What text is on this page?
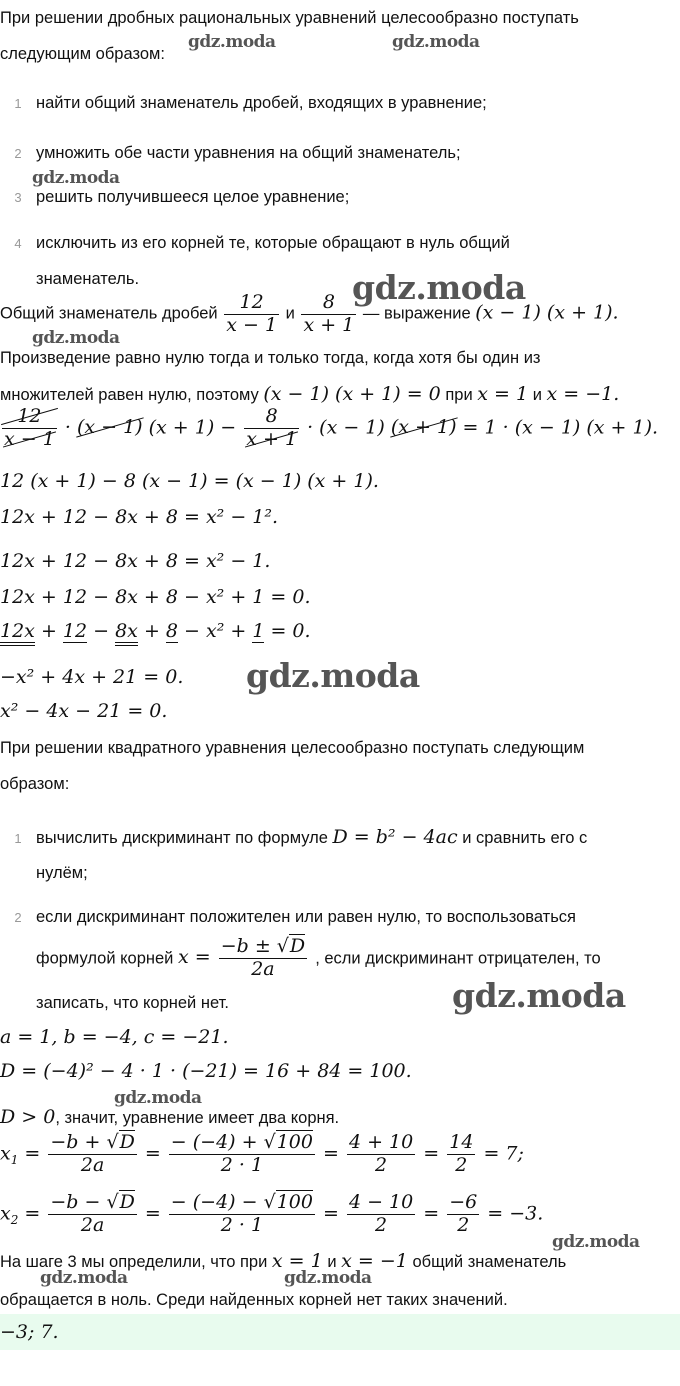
При решении дробных рациональных уравнений целесообразно поступать

следующим образом:

1 найти общий знаменатель дробей, входящих в уравнение;
2 умножить обе части уравнения на общий знаменатель;
3 решить получившееся целое уравнение;
4 исключить из его корней те, которые обращают в нуль общий
знаменатель.
Общий знаменатель дробей $\frac{12}{x - 1}$ и $\frac{8}{x + 1}$ — выражение (x − 1) (x + 1).

Произведение равно нулю тогда и только тогда, когда хотя бы один из

множителей равен нулю, поэтому (x − 1) (x + 1) = 0 при x = 1 и x = −1.
$\frac{12}{x - 1} \cdot (x - 1) (x + 1) - \frac{8}{x + 1} \cdot (x - 1) (x + 1) = 1 \cdot (x - 1) (x + 1)$.
12 (x + 1) − 8 (x − 1) = (x − 1) (x + 1).
12x + 12 − 8x + 8 = x² − 1².
12x + 12 − 8x + 8 = x² − 1.
12x + 12 − 8x + 8 − x² + 1 = 0.
12x + 12 − 8x + 8 − x² + 1 = 0.
−x² + 4x + 21 = 0.
x² − 4x − 21 = 0.

При решении квадратного уравнения целесообразно поступать следующим

образом:

1 вычислить дискриминант по формуле D = b² − 4ac и сравнить его с
нулём;
2 если дискриминант положителен или равен нулю, то воспользоваться
формулой корней $x = \frac{-b \pm √D}{2a}$ , если дискриминант отрицателен, то
записать, что корней нет.
a = 1, b = −4, c = −21.
D = (−4)² − 4 · 1 · (−21) = 16 + 84 = 100.
D > 0, значит, уравнение имеет два корня.
$x_1 = \frac{-b + √D}{2a} = \frac{- (-4) + √100}{2 \cdot 1} = \frac{4 + 10}{2} = \frac{14}{2} = 7$;
$x_2 = \frac{-b - √D}{2a} = \frac{- (-4) - √100}{2 \cdot 1} = \frac{4 - 10}{2} = \frac{-6}{2} = -3$.
На шаге 3 мы определили, что при x = 1 и x = −1 общий знаменатель

обращается в ноль. Среди найденных корней нет таких значений.

−3; 7.
gdz.moda	gdz.moda
gdz.moda
gdz.moda
gdz.moda
gdz.moda
gdz.moda
gdz.moda
gdz.moda
gdz.moda	gdz.moda
